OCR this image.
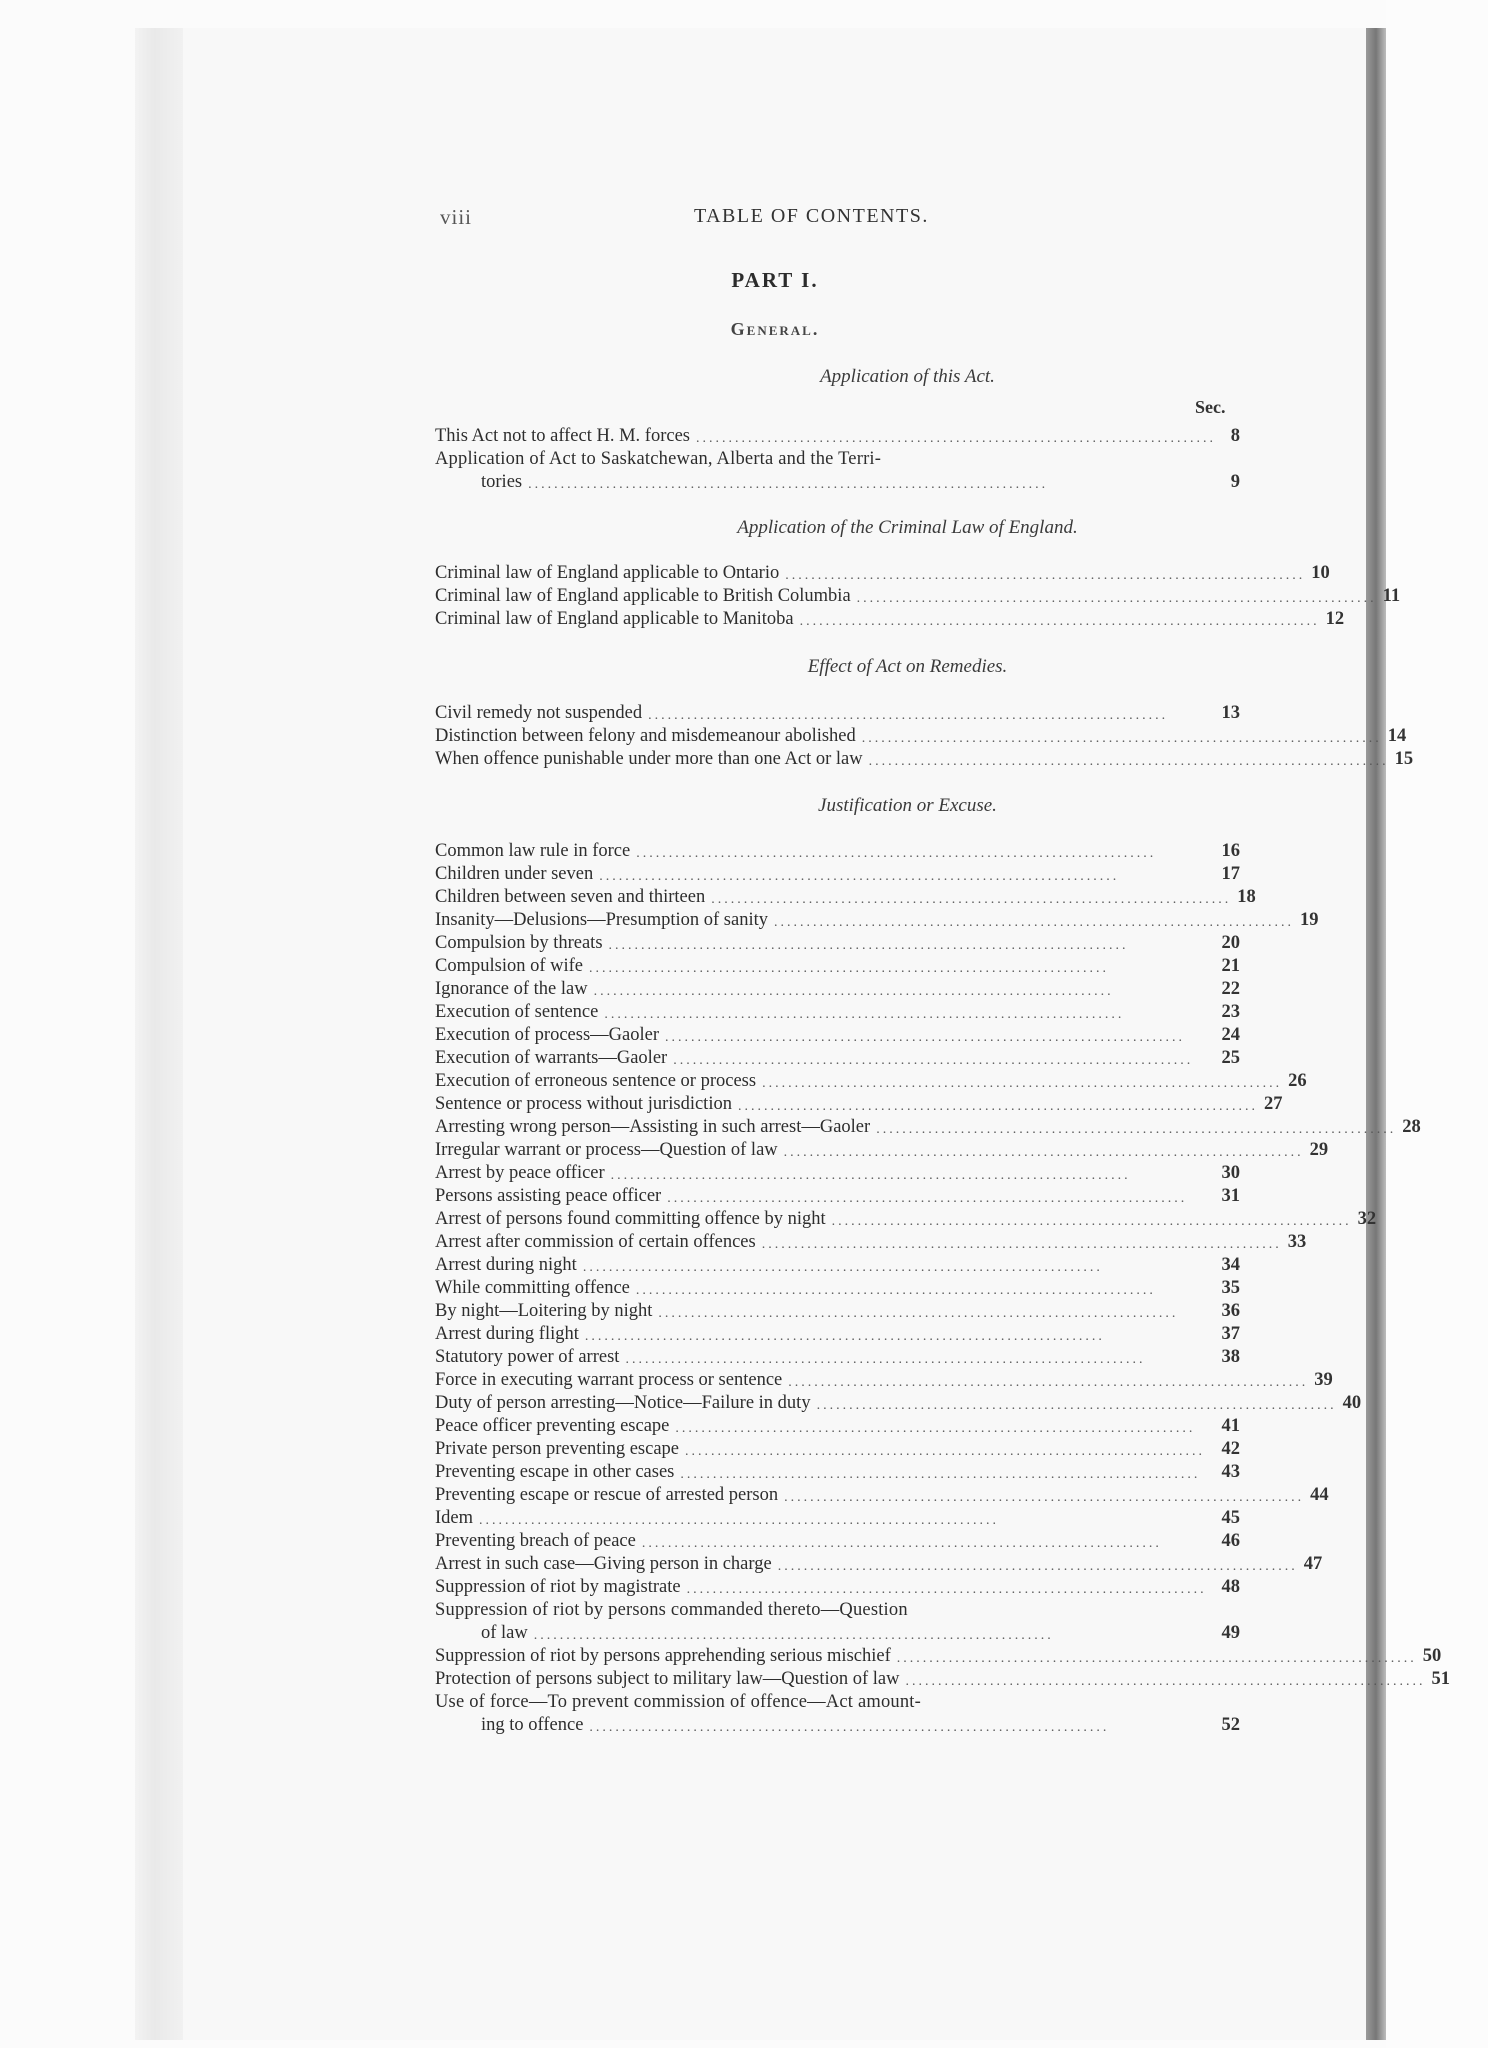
viii	TABLE OF CONTENTS.
PART I.
General.
Sec.
Application of this Act.
This Act not to affect H. M. forces ................................................................................ 8
Application of Act to Saskatchewan, Alberta and the Terri-
tories ................................................................................	9
Application of the Criminal Law of England.
Criminal law of England applicable to Ontario ................................................................................ 10
Criminal law of England applicable to British Columbia ................................................................................ 11
Criminal law of England applicable to Manitoba ................................................................................ 12
Effect of Act on Remedies.
Civil remedy not suspended ................................................................................	13
Distinction between felony and misdemeanour abolished ................................................................................ 14
When offence punishable under more than one Act or law ................................................................................ 15
Justification or Excuse.
Common law rule in force ................................................................................	16
Children under seven ................................................................................	17
Children between seven and thirteen ................................................................................ 18
Insanity—Delusions—Presumption of sanity ................................................................................ 19
Compulsion by threats ................................................................................	20
Compulsion of wife ................................................................................	21
Ignorance of the law ................................................................................	22
Execution of sentence ................................................................................	23
Execution of process—Gaoler ................................................................................	24
Execution of warrants—Gaoler ................................................................................	25
Execution of erroneous sentence or process ................................................................................ 26
Sentence or process without jurisdiction ................................................................................ 27
Arresting wrong person—Assisting in such arrest—Gaoler ................................................................................ 28
Irregular warrant or process—Question of law ................................................................................ 29
Arrest by peace officer ................................................................................	30
Persons assisting peace officer ................................................................................	31
Arrest of persons found committing offence by night ................................................................................ 32
Arrest after commission of certain offences ................................................................................ 33
Arrest during night ................................................................................	34
While committing offence ................................................................................	35
By night—Loitering by night ................................................................................	36
Arrest during flight ................................................................................	37
Statutory power of arrest ................................................................................	38
Force in executing warrant process or sentence ................................................................................ 39
Duty of person arresting—Notice—Failure in duty ................................................................................ 40
Peace officer preventing escape ................................................................................	41
Private person preventing escape ................................................................................ 42
Preventing escape in other cases ................................................................................	43
Preventing escape or rescue of arrested person ................................................................................ 44
Idem ................................................................................	45
Preventing breach of peace ................................................................................	46
Arrest in such case—Giving person in charge ................................................................................ 47
Suppression of riot by magistrate ................................................................................ 48
Suppression of riot by persons commanded thereto—Question
of law ................................................................................	49
Suppression of riot by persons apprehending serious mischief ................................................................................ 50
Protection of persons subject to military law—Question of law ................................................................................ 51
Use of force—To prevent commission of offence—Act amount-
ing to offence ................................................................................	52
